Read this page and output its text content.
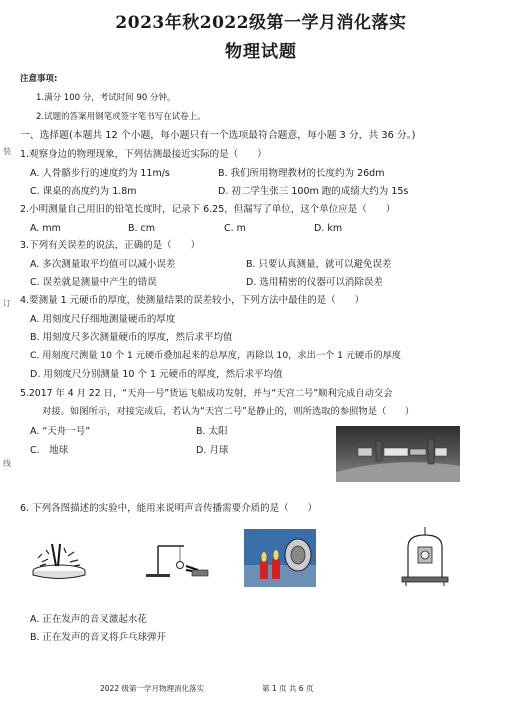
2023年秋2022级第一学月消化落实
物理试题
注意事项:
1.满分 100 分，考试时间 90 分钟。
2.试题的答案用钢笔或签字笔书写在试卷上。
一、选择题(本题共 12 个小题，每小题只有一个选项最符合题意，每小题 3 分，共 36 分。)
装
订
线
1.观察身边的物理现象，下列估测最接近实际的是（　　）
A. 人骨骼步行的速度约为 11m/s	B. 我们所用物理教材的长度约为 26dm
C. 课桌的高度约为 1.8m	D. 初二学生张三 100m 跑的成绩大约为 15s
2.小明测量自己用旧的铅笔长度时，记录下 6.25，但漏写了单位，这个单位应是（　　）
A. mm	B. cm	C. m	D. km
3.下列有关误差的说法，正确的是（　　）
A. 多次测量取平均值可以减小误差	B. 只要认真测量，就可以避免误差
C. 误差就是测量中产生的错误	D. 选用精密的仪器可以消除误差
4.要测量 1 元硬币的厚度，使测量结果的误差较小，下列方法中最佳的是（　　）
A. 用刻度尺仔细地测量硬币的厚度
B. 用刻度尺多次测量硬币的厚度，然后求平均值
C. 用刻度尺测量 10 个 1 元硬币叠加起来的总厚度，再除以 10，求出一个 1 元硬币的厚度
D. 用刻度尺分别测量 10 个 1 元硬币的厚度，然后求平均值
5.2017 年 4 月 22 日，“天舟一号”货运飞船成功发射，并与“天宫二号”顺利完成自动交会
对接。如图所示，对接完成后，若认为“天宫二号”是静止的，则所选取的参照物是（　　）
A. “天舟一号”	B. 太阳
C.　地球	D. 月球
6. 下列各图描述的实验中，能用来说明声音传播需要介质的是（　　）
A. 正在发声的音叉激起水花
B. 正在发声的音叉将乒乓球弹开
2022 级第一学月物理消化落实	第 1 页 共 6 页
